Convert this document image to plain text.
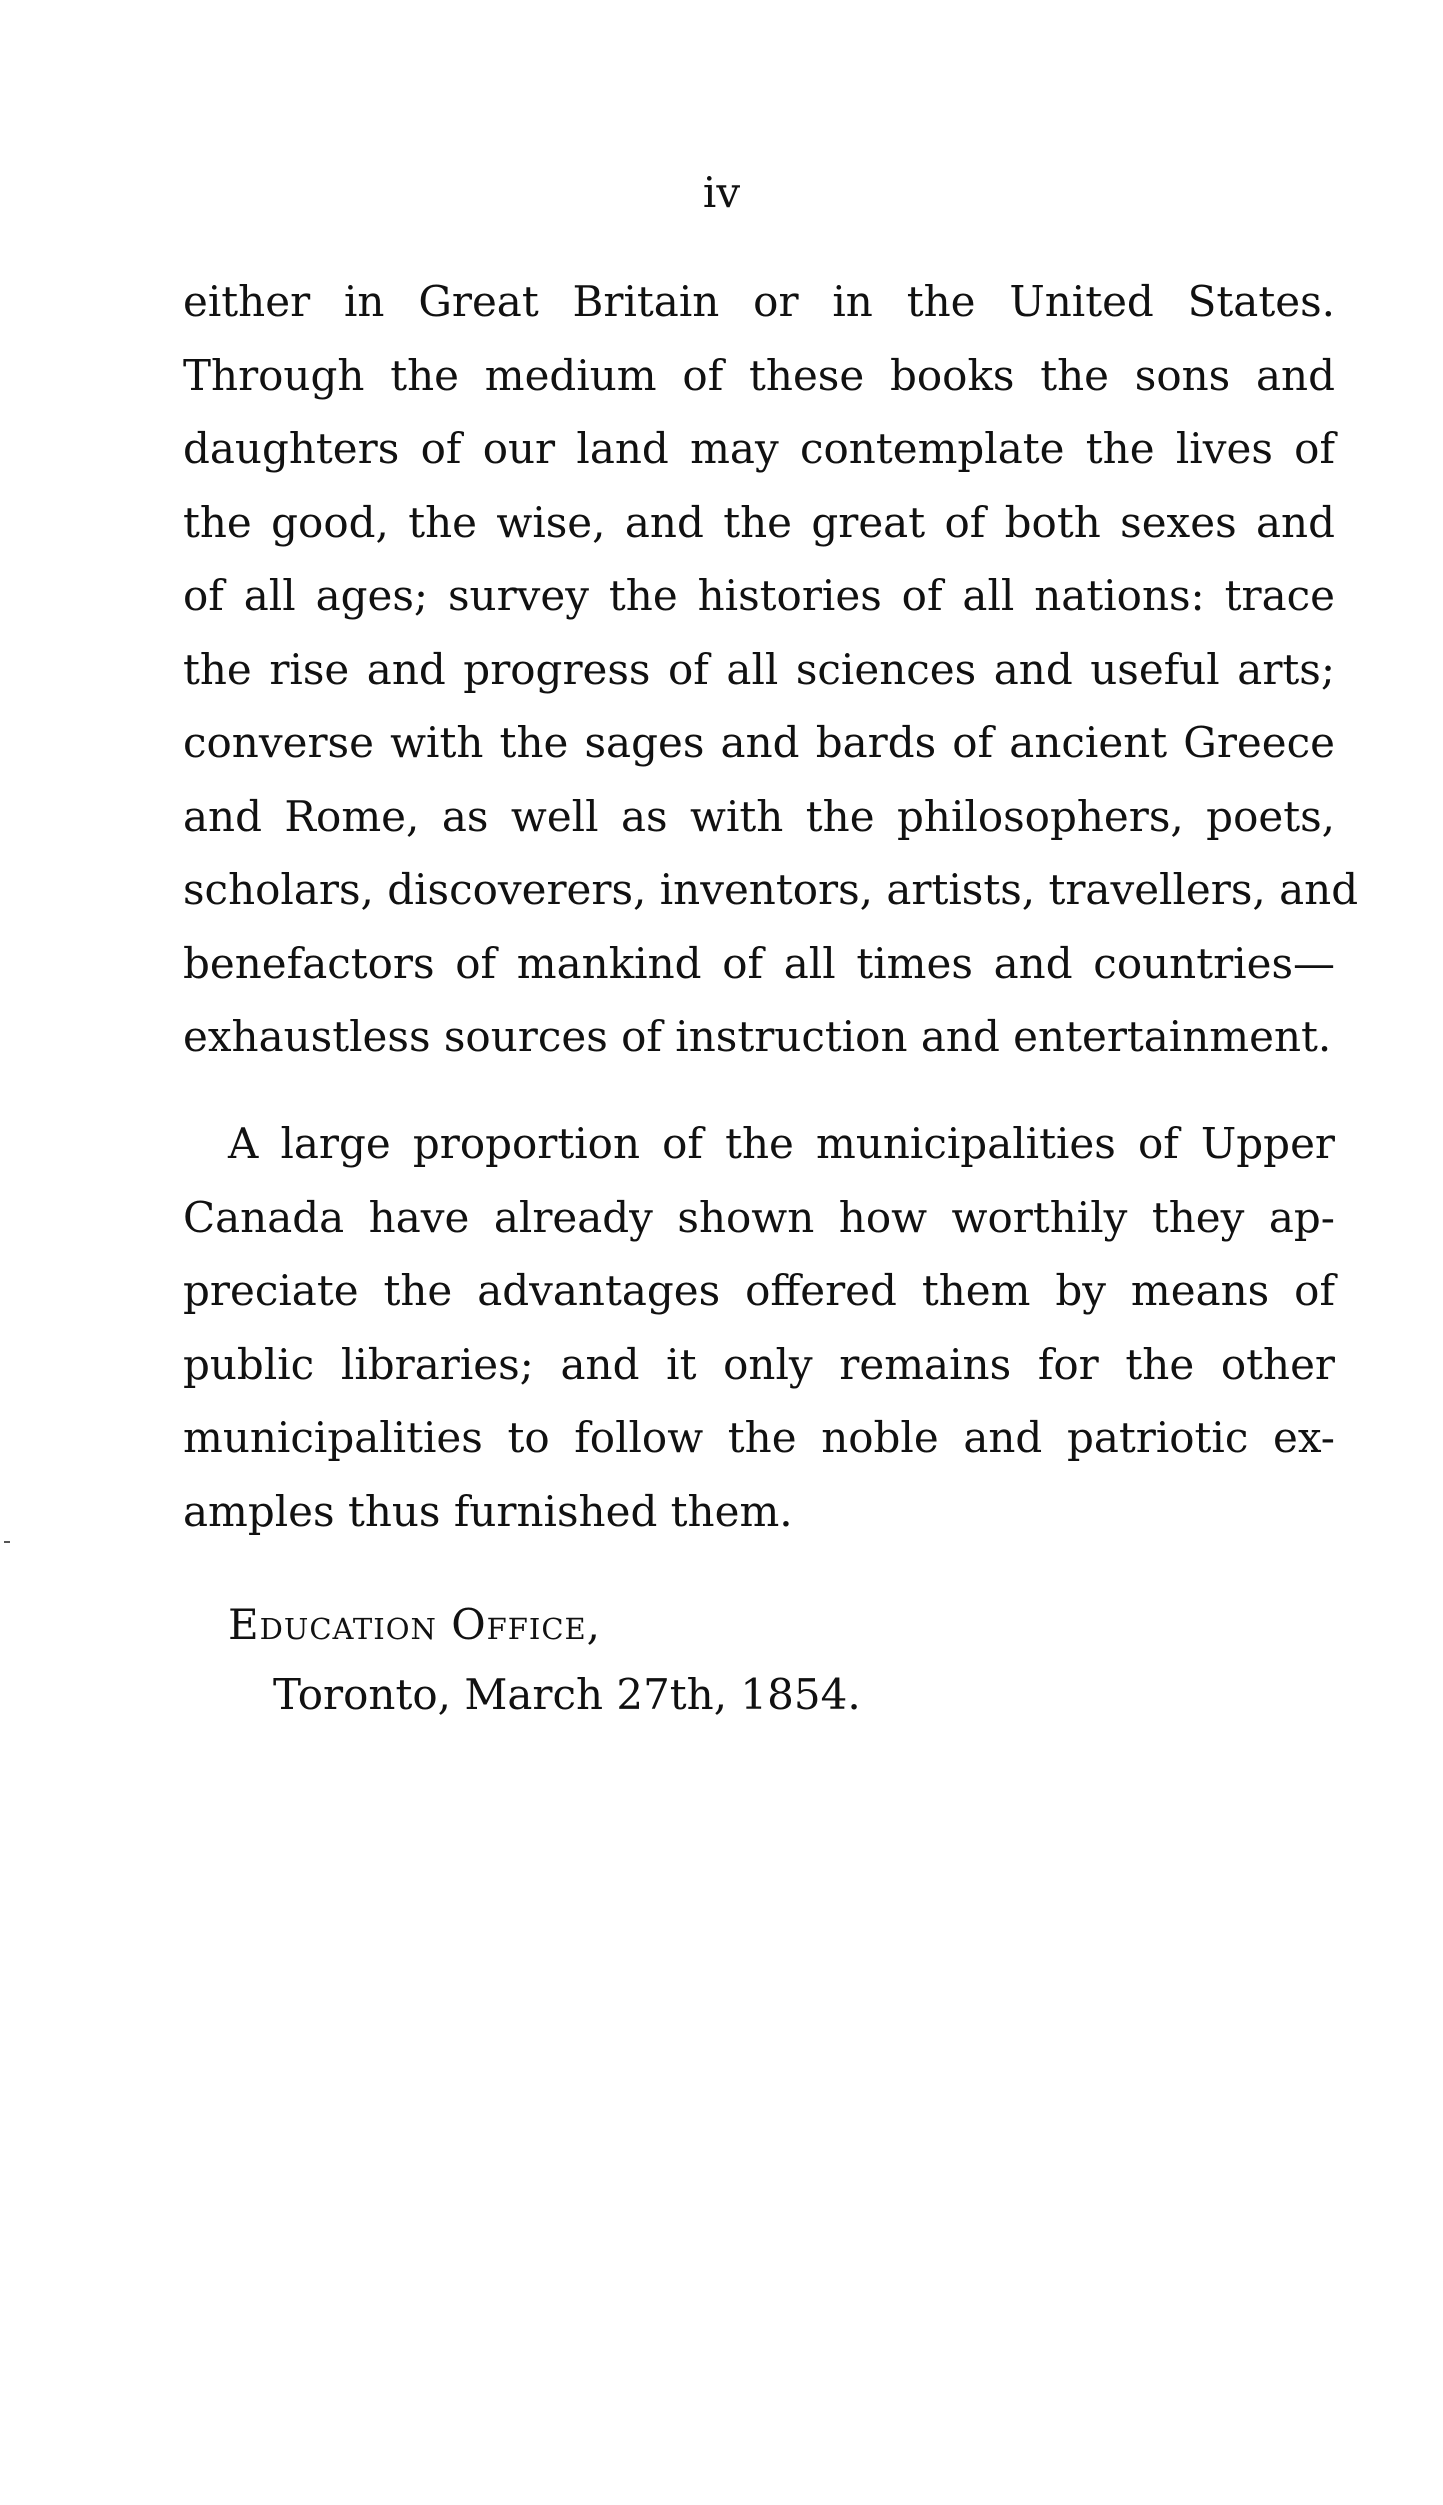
iv

either in Great Britain or in the United States.
Through the medium of these books the sons and
daughters of our land may contemplate the lives of
the good, the wise, and the great of both sexes and
of all ages; survey the histories of all nations: trace
the rise and progress of all sciences and useful arts;
converse with the sages and bards of ancient Greece
and Rome, as well as with the philosophers, poets,
scholars, discoverers, inventors, artists, travellers, and
benefactors of mankind of all times and countries—
exhaustless sources of instruction and entertainment.

A large proportion of the municipalities of Upper
Canada have already shown how worthily they ap-
preciate the advantages offered them by means of
public libraries; and it only remains for the other
municipalities to follow the noble and patriotic ex-
amples thus furnished them.

Education Office,
Toronto, March 27th, 1854.
